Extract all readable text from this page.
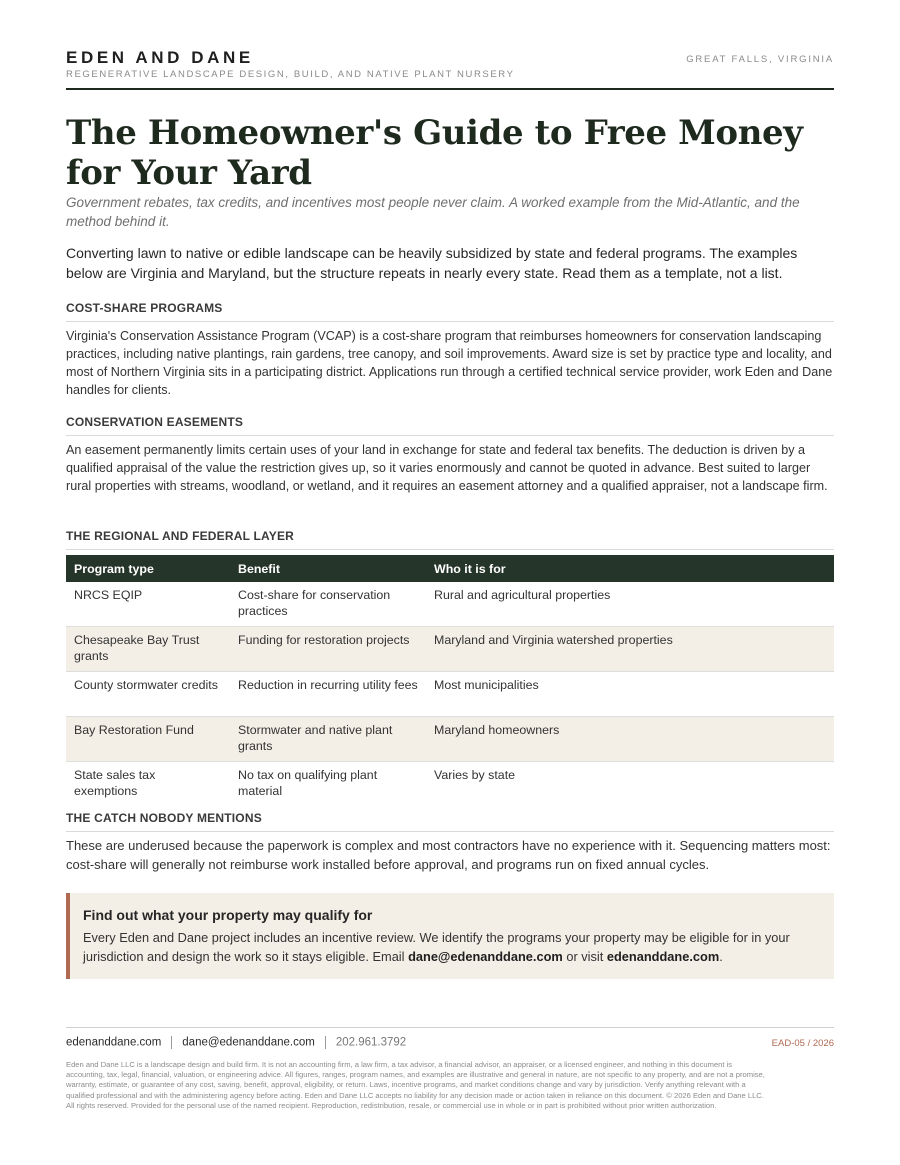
EDEN AND DANE
REGENERATIVE LANDSCAPE DESIGN, BUILD, AND NATIVE PLANT NURSERY
GREAT FALLS, VIRGINIA
The Homeowner's Guide to Free Money for Your Yard
Government rebates, tax credits, and incentives most people never claim. A worked example from the Mid-Atlantic, and the method behind it.
Converting lawn to native or edible landscape can be heavily subsidized by state and federal programs. The examples below are Virginia and Maryland, but the structure repeats in nearly every state. Read them as a template, not a list.
COST-SHARE PROGRAMS
Virginia's Conservation Assistance Program (VCAP) is a cost-share program that reimburses homeowners for conservation landscaping practices, including native plantings, rain gardens, tree canopy, and soil improvements. Award size is set by practice type and locality, and most of Northern Virginia sits in a participating district. Applications run through a certified technical service provider, work Eden and Dane handles for clients.
CONSERVATION EASEMENTS
An easement permanently limits certain uses of your land in exchange for state and federal tax benefits. The deduction is driven by a qualified appraisal of the value the restriction gives up, so it varies enormously and cannot be quoted in advance. Best suited to larger rural properties with streams, woodland, or wetland, and it requires an easement attorney and a qualified appraiser, not a landscape firm.
THE REGIONAL AND FEDERAL LAYER
Program type	Benefit	Who it is for
NRCS EQIP	Cost-share for conservation practices	Rural and agricultural properties
Chesapeake Bay Trust grants	Funding for restoration projects	Maryland and Virginia watershed properties
County stormwater credits	Reduction in recurring utility fees	Most municipalities
Bay Restoration Fund	Stormwater and native plant grants	Maryland homeowners
State sales tax exemptions	No tax on qualifying plant material	Varies by state
THE CATCH NOBODY MENTIONS
These are underused because the paperwork is complex and most contractors have no experience with it. Sequencing matters most: cost-share will generally not reimburse work installed before approval, and programs run on fixed annual cycles.
Find out what your property may qualify for
Every Eden and Dane project includes an incentive review. We identify the programs your property may be eligible for in your jurisdiction and design the work so it stays eligible. Email dane@edenanddane.com or visit edenanddane.com.
edenanddane.com dane@edenanddane.com 202.961.3792	EAD-05 / 2026
Eden and Dane LLC is a landscape design and build firm. It is not an accounting firm, a law firm, a tax advisor, a financial advisor, an appraiser, or a licensed engineer, and nothing in this document is accounting, tax, legal, financial, valuation, or engineering advice. All figures, ranges, program names, and examples are illustrative and general in nature, are not specific to any property, and are not a promise, warranty, estimate, or guarantee of any cost, saving, benefit, approval, eligibility, or return. Laws, incentive programs, and market conditions change and vary by jurisdiction. Verify anything relevant with a qualified professional and with the administering agency before acting. Eden and Dane LLC accepts no liability for any decision made or action taken in reliance on this document. © 2026 Eden and Dane LLC. All rights reserved. Provided for the personal use of the named recipient. Reproduction, redistribution, resale, or commercial use in whole or in part is prohibited without prior written authorization.
